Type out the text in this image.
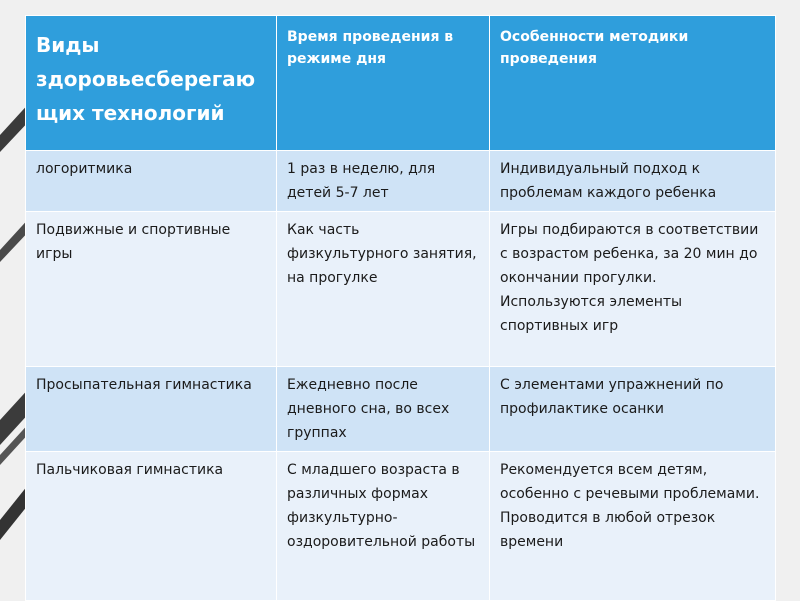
Виды здоровьесберегаю щих технологий	Время проведения в режиме дня	Особенности методики проведения
логоритмика	1 раз в неделю, для детей 5-7 лет	Индивидуальный подход к проблемам каждого ребенка
Подвижные и спортивные игры	Как часть физкультурного занятия, на прогулке	Игры подбираются в соответствии с возрастом ребенка, за 20 мин до окончании прогулки. Используются элементы спортивных игр
Просыпательная гимнастика	Ежедневно после дневного сна, во всех группах	С элементами упражнений по профилактике осанки
Пальчиковая гимнастика	С младшего возраста в различных формах физкультурно-оздоровительной работы	Рекомендуется всем детям, особенно с речевыми проблемами. Проводится в любой отрезок времени
